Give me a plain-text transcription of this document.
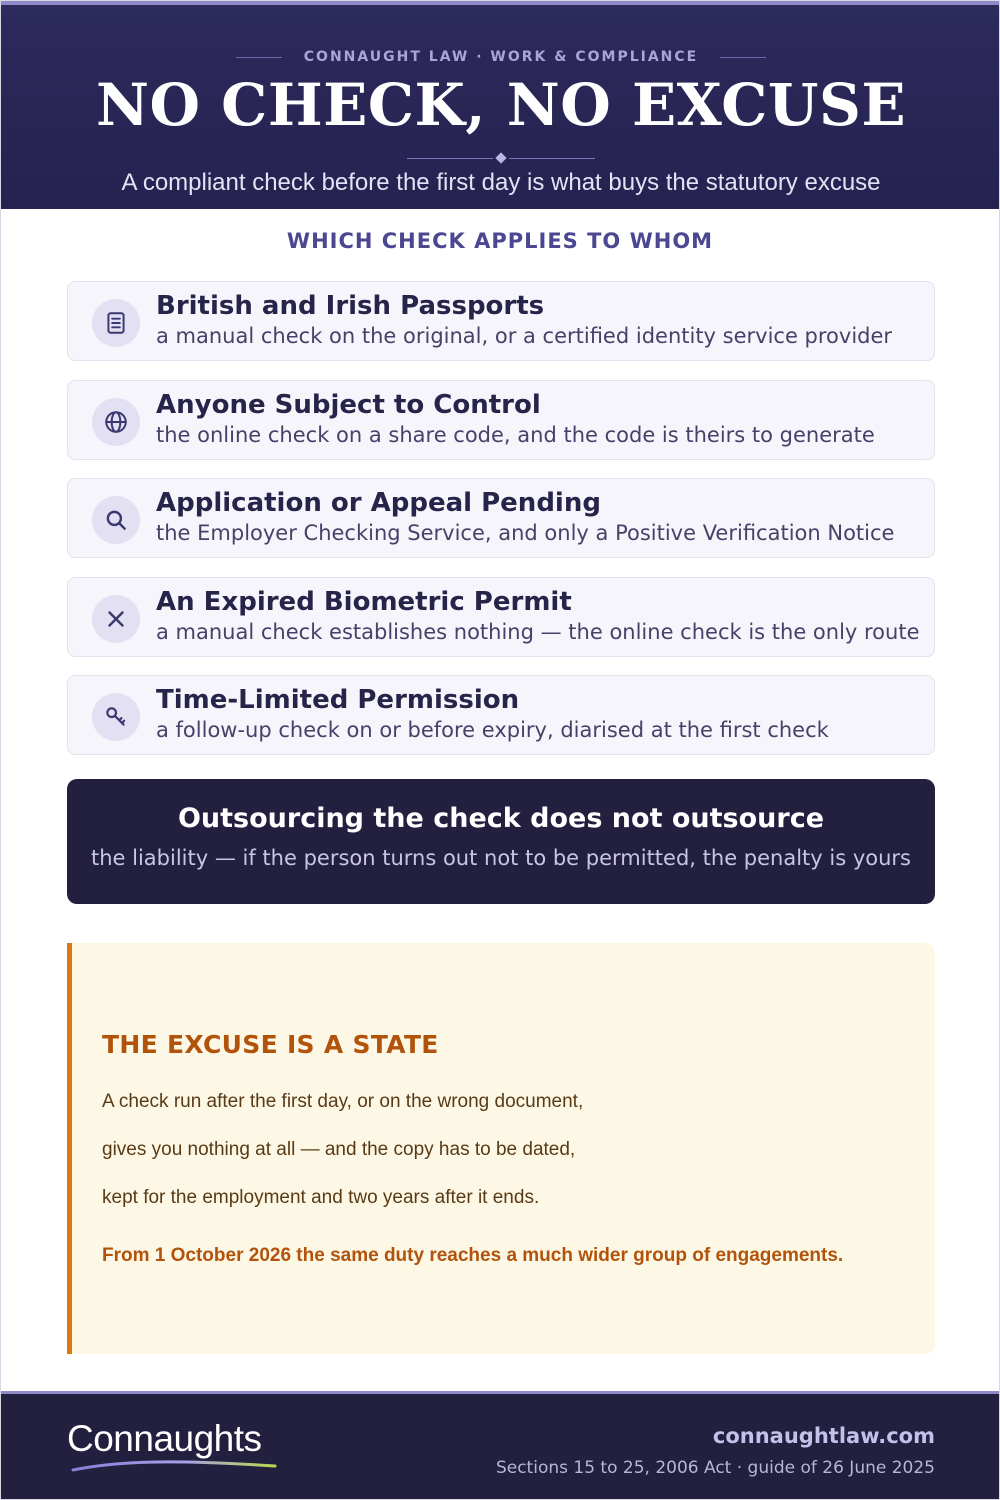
CONNAUGHT LAW · WORK & COMPLIANCE
NO CHECK, NO EXCUSE
A compliant check before the first day is what buys the statutory excuse
WHICH CHECK APPLIES TO WHOM
British and Irish Passports
a manual check on the original, or a certified identity service provider
Anyone Subject to Control
the online check on a share code, and the code is theirs to generate
Application or Appeal Pending
the Employer Checking Service, and only a Positive Verification Notice
An Expired Biometric Permit
a manual check establishes nothing — the online check is the only route
Time-Limited Permission
a follow-up check on or before expiry, diarised at the first check
Outsourcing the check does not outsource
the liability — if the person turns out not to be permitted, the penalty is yours
THE EXCUSE IS A STATE
A check run after the first day, or on the wrong document,
gives you nothing at all — and the copy has to be dated,
kept for the employment and two years after it ends.
From 1 October 2026 the same duty reaches a much wider group of engagements.
Connaughts	connaughtlaw.com
Sections 15 to 25, 2006 Act · guide of 26 June 2025
